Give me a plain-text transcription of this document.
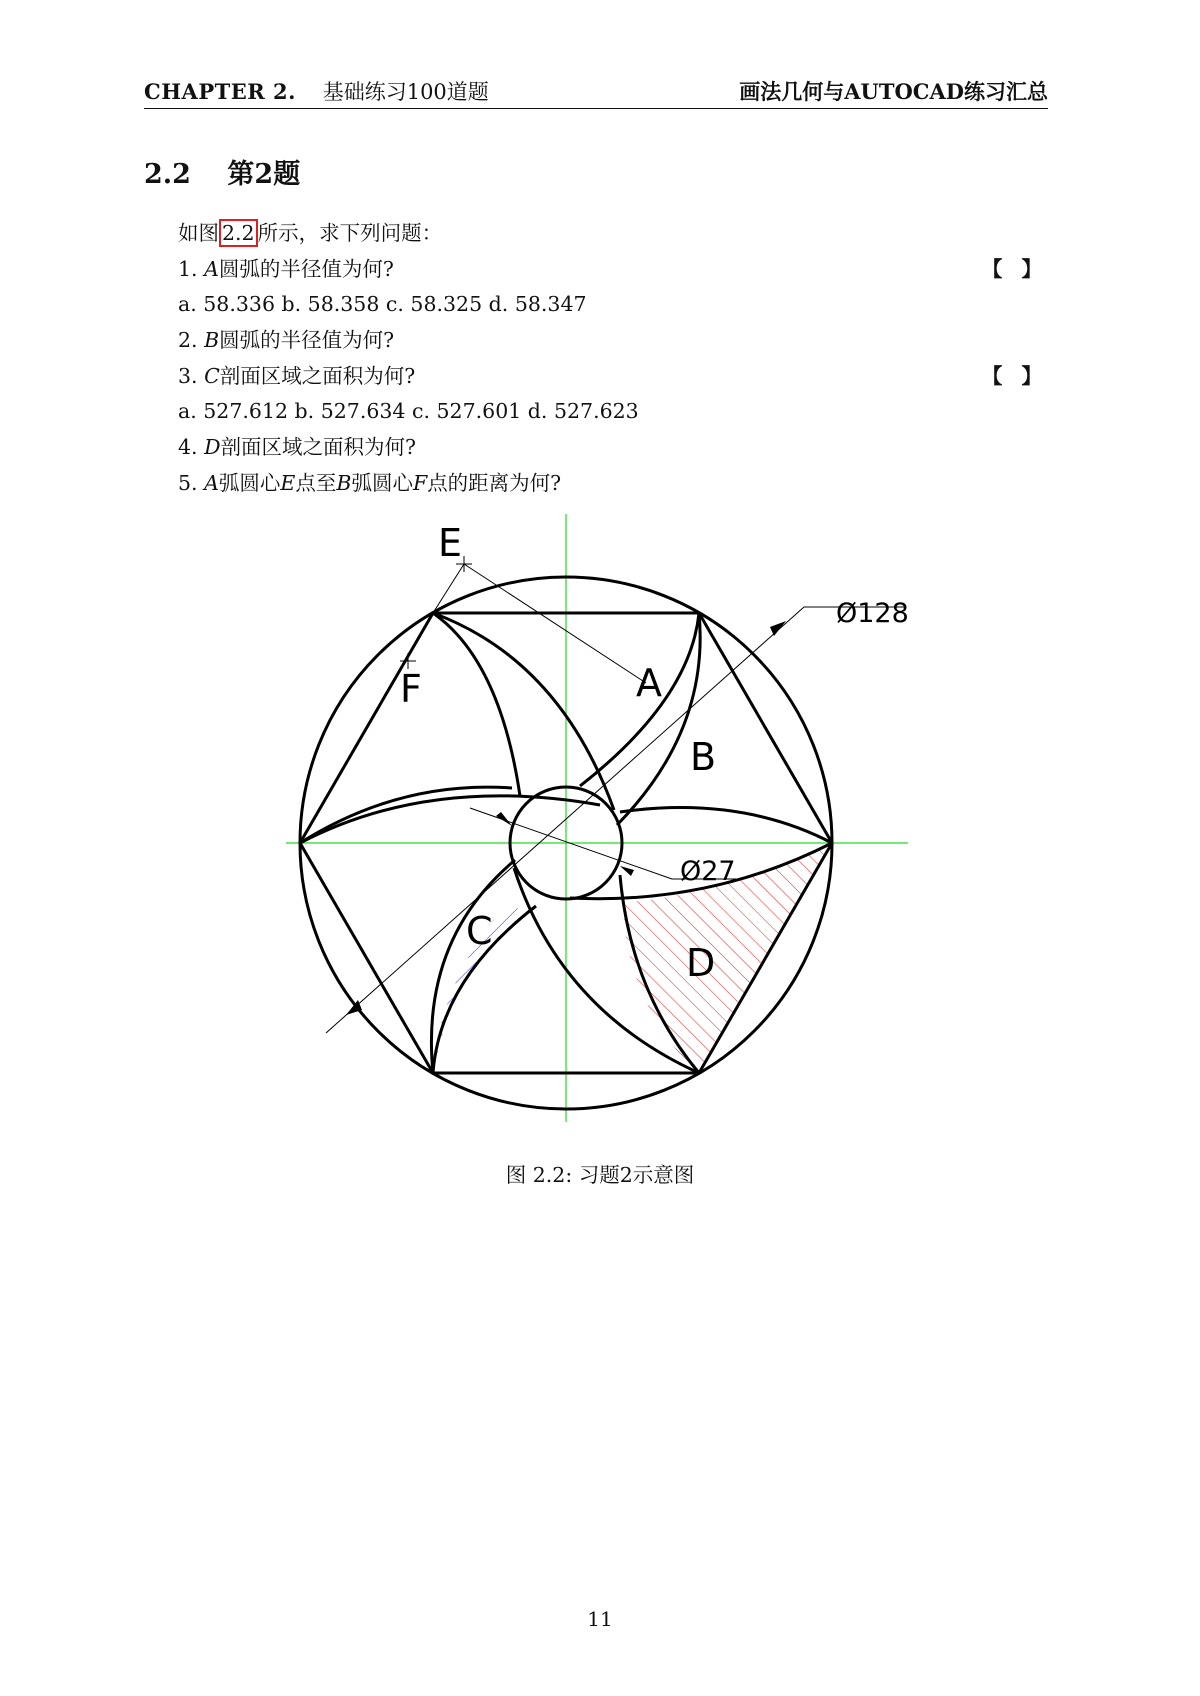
CHAPTER 2. 基础练习100道题	画法几何与AUTOCAD练习汇总
2.2 第2题
如图 2.2 所示，求下列问题：
1. A圆弧的半径值为何?	【 】
a. 58.336 b. 58.358 c. 58.325 d. 58.347
2. B圆弧的半径值为何?
3. C剖面区域之面积为何?	【 】
a. 527.612 b. 527.634 c. 527.601 d. 527.623
4. D剖面区域之面积为何?
5. A弧圆心E点至B弧圆心F点的距离为何?
E
F	A
B
C
D
Ø128
Ø27
图 2.2: 习题2示意图
11
